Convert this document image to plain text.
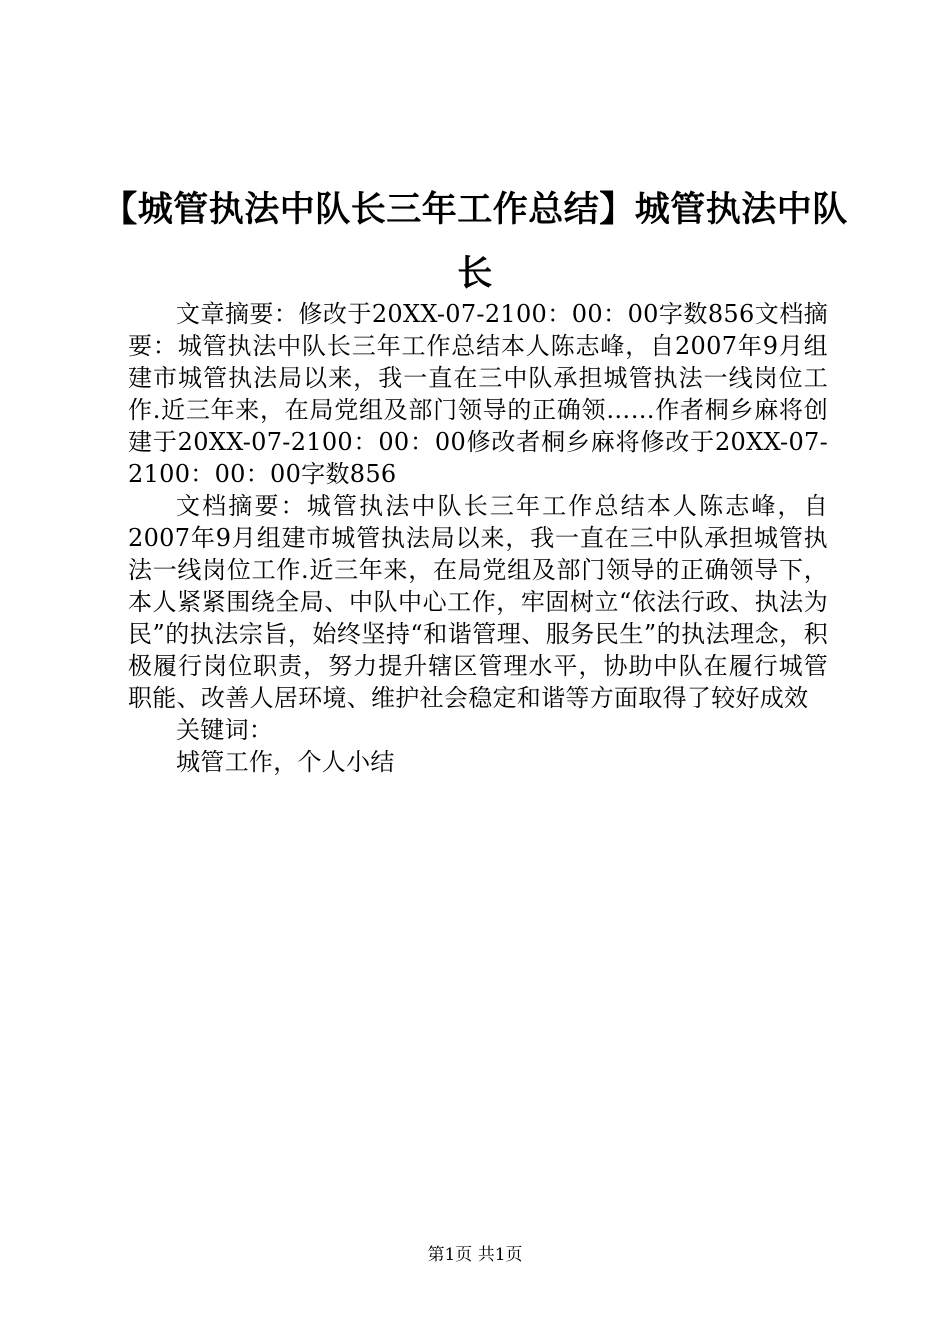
【城管执法中队长三年工作总结】城管执法中队长

文章摘要：修改于20XX-07-2100：00：00字数856文档摘要：城管执法中队长三年工作总结本人陈志峰，自2007年9月组建市城管执法局以来，我一直在三中队承担城管执法一线岗位工作.近三年来，在局党组及部门领导的正确领……作者桐乡麻将创建于20XX-07-2100：00：00修改者桐乡麻将修改于20XX-07-2100：00：00字数856

文档摘要：城管执法中队长三年工作总结本人陈志峰，自2007年9月组建市城管执法局以来，我一直在三中队承担城管执法一线岗位工作.近三年来，在局党组及部门领导的正确领导下，本人紧紧围绕全局、中队中心工作，牢固树立“依法行政、执法为民”的执法宗旨，始终坚持“和谐管理、服务民生”的执法理念，积极履行岗位职责，努力提升辖区管理水平，协助中队在履行城管职能、改善人居环境、维护社会稳定和谐等方面取得了较好成效

关键词：

城管工作，个人小结

第1页 共1页
